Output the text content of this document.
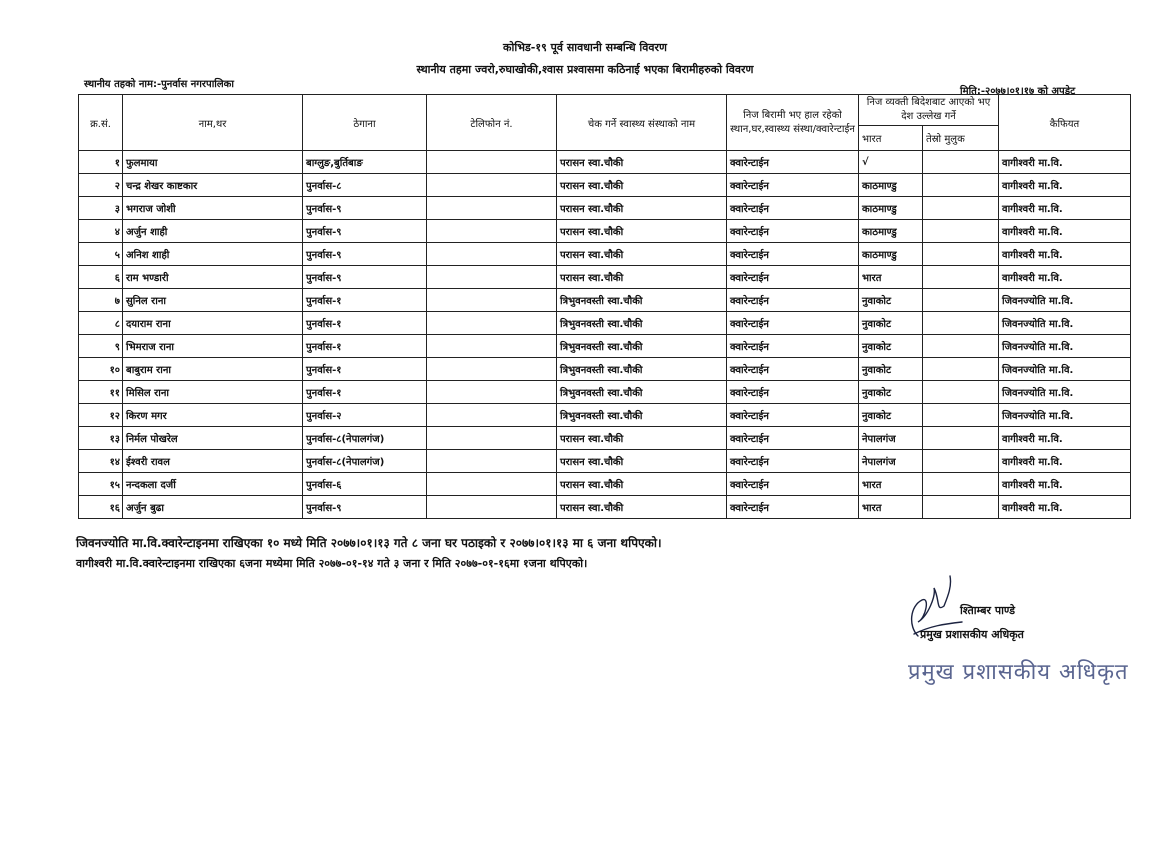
कोभिड-१९ पूर्व सावधानी सम्बन्धि विवरण
स्थानीय तहमा ज्वरो,रुघाखोकी,श्वास प्रश्वासमा कठिनाई भएका बिरामीहरुको विवरण
स्थानीय तहको नाम:-पुनर्वास नगरपालिका
मिति:-२०७७।०१।१७ को अपडेट
क्र.सं.	नाम,थर	ठेगाना	टेलिफोन नं.	चेक गर्ने स्वास्थ्य संस्थाको नाम	निज बिरामी भए हाल रहेको स्थान,घर,स्वास्थ्य संस्था/क्वारेन्टाईन	निज व्यक्ती बिदेशबाट आएको भए देश उल्लेख गर्ने		कैफियत
						भारत	तेस्रो मुलुक	
१	फुलमाया	बाग्लुङ,बुर्तिबाङ		परासन स्वा.चौकी	क्वारेन्टाईन	√		वागीश्वरी मा.वि.
२	चन्द्र शेखर काष्टकार	पुनर्वास-८		परासन स्वा.चौकी	क्वारेन्टाईन	काठमाण्डु		वागीश्वरी मा.वि.
३	भगराज जोशी	पुनर्वास-९		परासन स्वा.चौकी	क्वारेन्टाईन	काठमाण्डु		वागीश्वरी मा.वि.
४	अर्जुन शाही	पुनर्वास-९		परासन स्वा.चौकी	क्वारेन्टाईन	काठमाण्डु		वागीश्वरी मा.वि.
५	अनिश शाही	पुनर्वास-९		परासन स्वा.चौकी	क्वारेन्टाईन	काठमाण्डु		वागीश्वरी मा.वि.
६	राम भण्डारी	पुनर्वास-९		परासन स्वा.चौकी	क्वारेन्टाईन	भारत		वागीश्वरी मा.वि.
७	सुनिल राना	पुनर्वास-१		त्रिभुवनवस्ती स्वा.चौकी	क्वारेन्टाईन	नुवाकोट		जिवनज्योति मा.वि.
८	दयाराम राना	पुनर्वास-१		त्रिभुवनवस्ती स्वा.चौकी	क्वारेन्टाईन	नुवाकोट		जिवनज्योति मा.वि.
९	भिमराज राना	पुनर्वास-१		त्रिभुवनवस्ती स्वा.चौकी	क्वारेन्टाईन	नुवाकोट		जिवनज्योति मा.वि.
१०	बाबुराम राना	पुनर्वास-१		त्रिभुवनवस्ती स्वा.चौकी	क्वारेन्टाईन	नुवाकोट		जिवनज्योति मा.वि.
११	मिसिल राना	पुनर्वास-१		त्रिभुवनवस्ती स्वा.चौकी	क्वारेन्टाईन	नुवाकोट		जिवनज्योति मा.वि.
१२	किरण मगर	पुनर्वास-२		त्रिभुवनवस्ती स्वा.चौकी	क्वारेन्टाईन	नुवाकोट		जिवनज्योति मा.वि.
१३	निर्मल पोखरेल	पुनर्वास-८(नेपालगंज)		परासन स्वा.चौकी	क्वारेन्टाईन	नेपालगंज		वागीश्वरी मा.वि.
१४	ईश्वरी रावल	पुनर्वास-८(नेपालगंज)		परासन स्वा.चौकी	क्वारेन्टाईन	नेपालगंज		वागीश्वरी मा.वि.
१५	नन्दकला दर्जी	पुनर्वास-६		परासन स्वा.चौकी	क्वारेन्टाईन	भारत		वागीश्वरी मा.वि.
१६	अर्जुन बुढा	पुनर्वास-९		परासन स्वा.चौकी	क्वारेन्टाईन	भारत		वागीश्वरी मा.वि.
जिवनज्योति मा.वि.क्वारेन्टाइनमा राखिएका १० मध्ये मिति २०७७।०१।१३ गते ८ जना घर पठाइको र २०७७।०१।१३ मा ६ जना थपिएको।
वागीश्वरी मा.वि.क्वारेन्टाइनमा राखिएका ६जना मध्येमा मिति २०७७-०१-१४ गते ३ जना र मिति २०७७-०१-१६मा १जना थपिएको।
श्तिाम्बर पाण्डे
प्रमुख प्रशासकीय अधिकृत
प्रमुख प्रशासकीय अधिकृत
